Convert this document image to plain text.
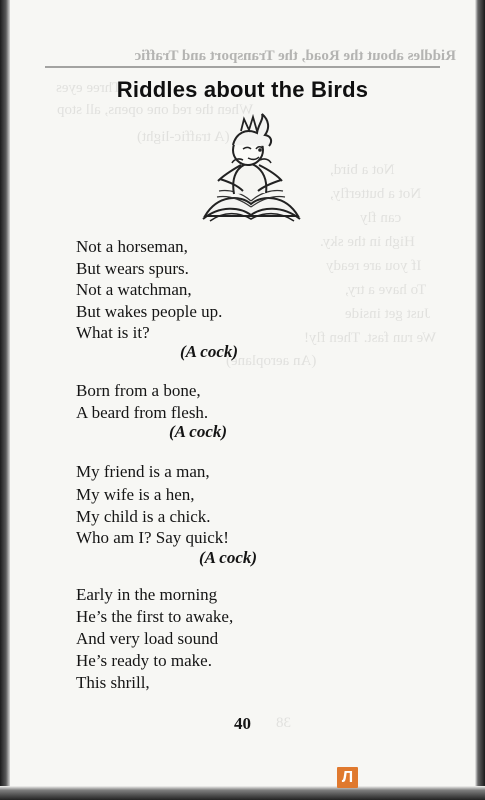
Riddles about the Road, the Transport and Traffic
Three eyes
When the red one opens, all stop
(A traffic-light)
Not a bird,
Not a butterfly,
can fly
High in the sky.
If you are ready
To have a try,
Just get inside
We run fast. Then fly!
(An aeroplane)
38
Riddles about the Birds
Not a horseman,
But wears spurs.
Not a watchman,
But wakes people up.
What is it?
(A cock)
Born from a bone,
A beard from flesh.
(A cock)
My friend is a man,
My wife is a hen,
My child is a chick.
Who am I? Say quick!
(A cock)
Early in the morning
He’s the first to awake,
And very load sound
He’s ready to make.
This shrill,
40
Л
